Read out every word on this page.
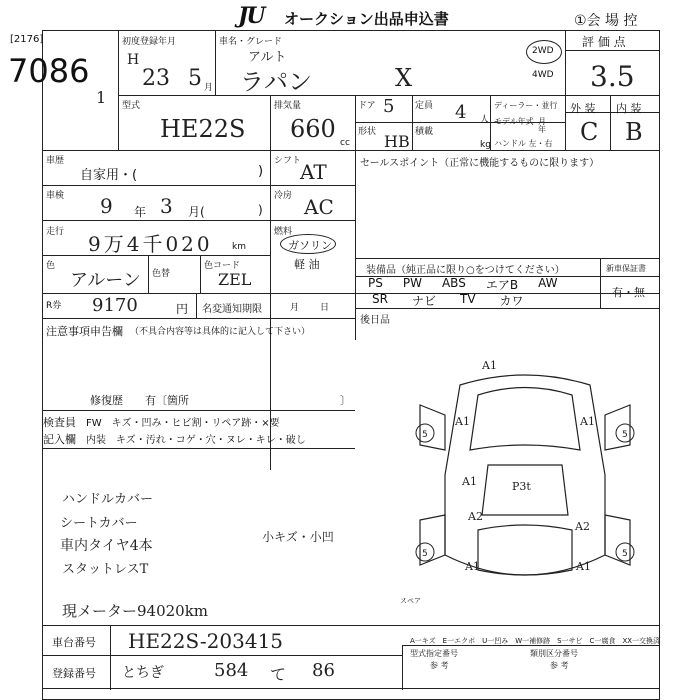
JU オークション出品申込書	①会 場 控
[2176]
7086
1
初度登録年月
H
23 5 月
車名・グレード
アルト
ラパン	X
2WD
4WD
評 価 点
3.5
外 装 内 装
C B
型式
HE22S
排気量
660 cc
ドア 5 定員 4 人
ディーラー・並行
形状 HB 積載
kg
モデル年式
年
月
ハンドル 左・右
車歴
自家用・(	)
車検 9 年 3 月(	)
走行 9万4千020 km
色
アルーン 色替
色コード
ZEL
シフト
AT
冷房 AC
燃料
ガソリン
軽 油
R券 9170	円 名変通知期限	月 日
セールスポイント（正常に機能するものに限ります）
装備品（純正品に限り○をつけてください）
PS PW ABS エアB AW
SR ナビ TV カワ
新車保証書
有・無
後日品
注意事項申告欄 （不具合内容等は具体的に記入して下さい）
修復歴　　有〔箇所	〕
検査員
記入欄
FW　キズ・凹み・ヒビ割・リペア跡・×要
内装　キズ・汚れ・コゲ・穴・ヌレ・キレ・破し
ハンドルカバー
シートカバー
車内タイヤ4本
スタットレスT
小キズ・小凹
現メーター94020km
A1
A1	A1
A1
A2
A2
A1	A1
P3t
5	5
5	5
スペア
A一キズ　E一エクボ　U一凹み　W一補修跡　S一サビ　C一腐食　XX一交換済
車台番号 HE22S-203415
登録番号 とちぎ	584 て 86
型式指定番号
参 考
類別区分番号
参 考
